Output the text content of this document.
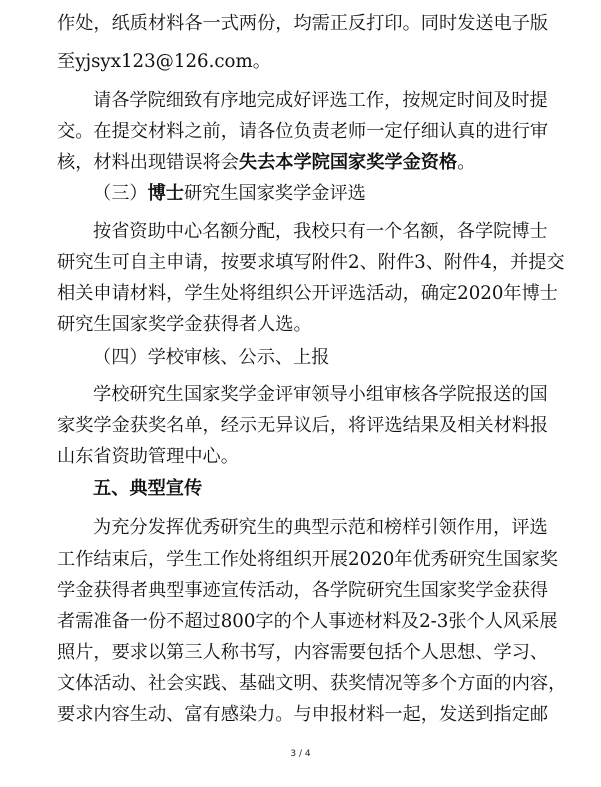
作处，纸质材料各一式两份，均需正反打印。同时发送电子版
至yjsyx123@126.com。
请各学院细致有序地完成好评选工作，按规定时间及时提
交。在提交材料之前，请各位负责老师一定仔细认真的进行审
核，材料出现错误将会失去本学院国家奖学金资格。
（三）博士研究生国家奖学金评选
按省资助中心名额分配，我校只有一个名额，各学院博士
研究生可自主申请，按要求填写附件2、附件3、附件4，并提交
相关申请材料，学生处将组织公开评选活动，确定2020年博士
研究生国家奖学金获得者人选。
（四）学校审核、公示、上报
学校研究生国家奖学金评审领导小组审核各学院报送的国
家奖学金获奖名单，经示无异议后，将评选结果及相关材料报
山东省资助管理中心。
五、典型宣传
为充分发挥优秀研究生的典型示范和榜样引领作用，评选
工作结束后，学生工作处将组织开展2020年优秀研究生国家奖
学金获得者典型事迹宣传活动，各学院研究生国家奖学金获得
者需准备一份不超过800字的个人事迹材料及2-3张个人风采展
照片，要求以第三人称书写，内容需要包括个人思想、学习、
文体活动、社会实践、基础文明、获奖情况等多个方面的内容，
要求内容生动、富有感染力。与申报材料一起，发送到指定邮
3 / 4
